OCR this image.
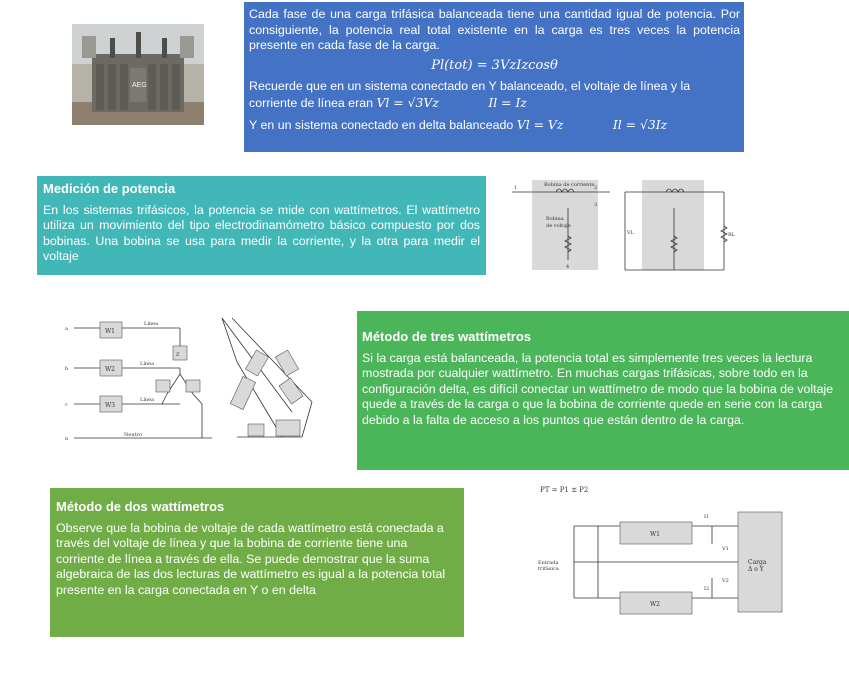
AEG

Cada fase de una carga trifásica balanceada tiene una cantidad igual de potencia. Por consiguiente, la potencia real total existente en la carga es tres veces la potencia presente en cada fase de la carga.

Pl(tot) = 3VzIzcosθ

Recuerde que en un sistema conectado en Y balanceado, el voltaje de línea y la corriente de línea eran Vl = √3Vz	Il = Iz

Y en un sistema conectado en delta balanceado Vl = Vz	Il = √3Iz

Medición de potencia

En los sistemas trifásicos, la potencia se mide con wattímetros. El wattímetro utiliza un movimiento del tipo electrodinamómetro básico compuesto por dos bobinas. Una bobina se usa para medir la corriente, y la otra para medir el voltaje

Bobina de corriente
Bobina
de voltaje
1	2
3
4
VL	RL
W1
W2
W3
Línea
Línea
Línea
Neutro
Z
a
b
c
n

Método de tres wattímetros

Si la carga está balanceada, la potencia total es simplemente tres veces la lectura mostrada por cualquier wattímetro. En muchas cargas trifásicas, sobre todo en la configuración delta, es difícil conectar un wattímetro de modo que la bobina de voltaje quede a través de la carga o que la bobina de corriente quede en serie con la carga debido a la falta de acceso a los puntos que están dentro de la carga.

Método de dos wattímetros

Observe que la bobina de voltaje de cada wattímetro está conectada a través del voltaje de línea y que la bobina de corriente tiene una corriente de línea a través de ella. Se puede demostrar que la suma algebraica de las dos lecturas de wattímetro es igual a la potencia total presente en la carga conectada en Y o en delta

PT = P1 ± P2
W1
W2
Entrada
trifásica
Carga
Δ o Y
I1
I2
V1
V2
